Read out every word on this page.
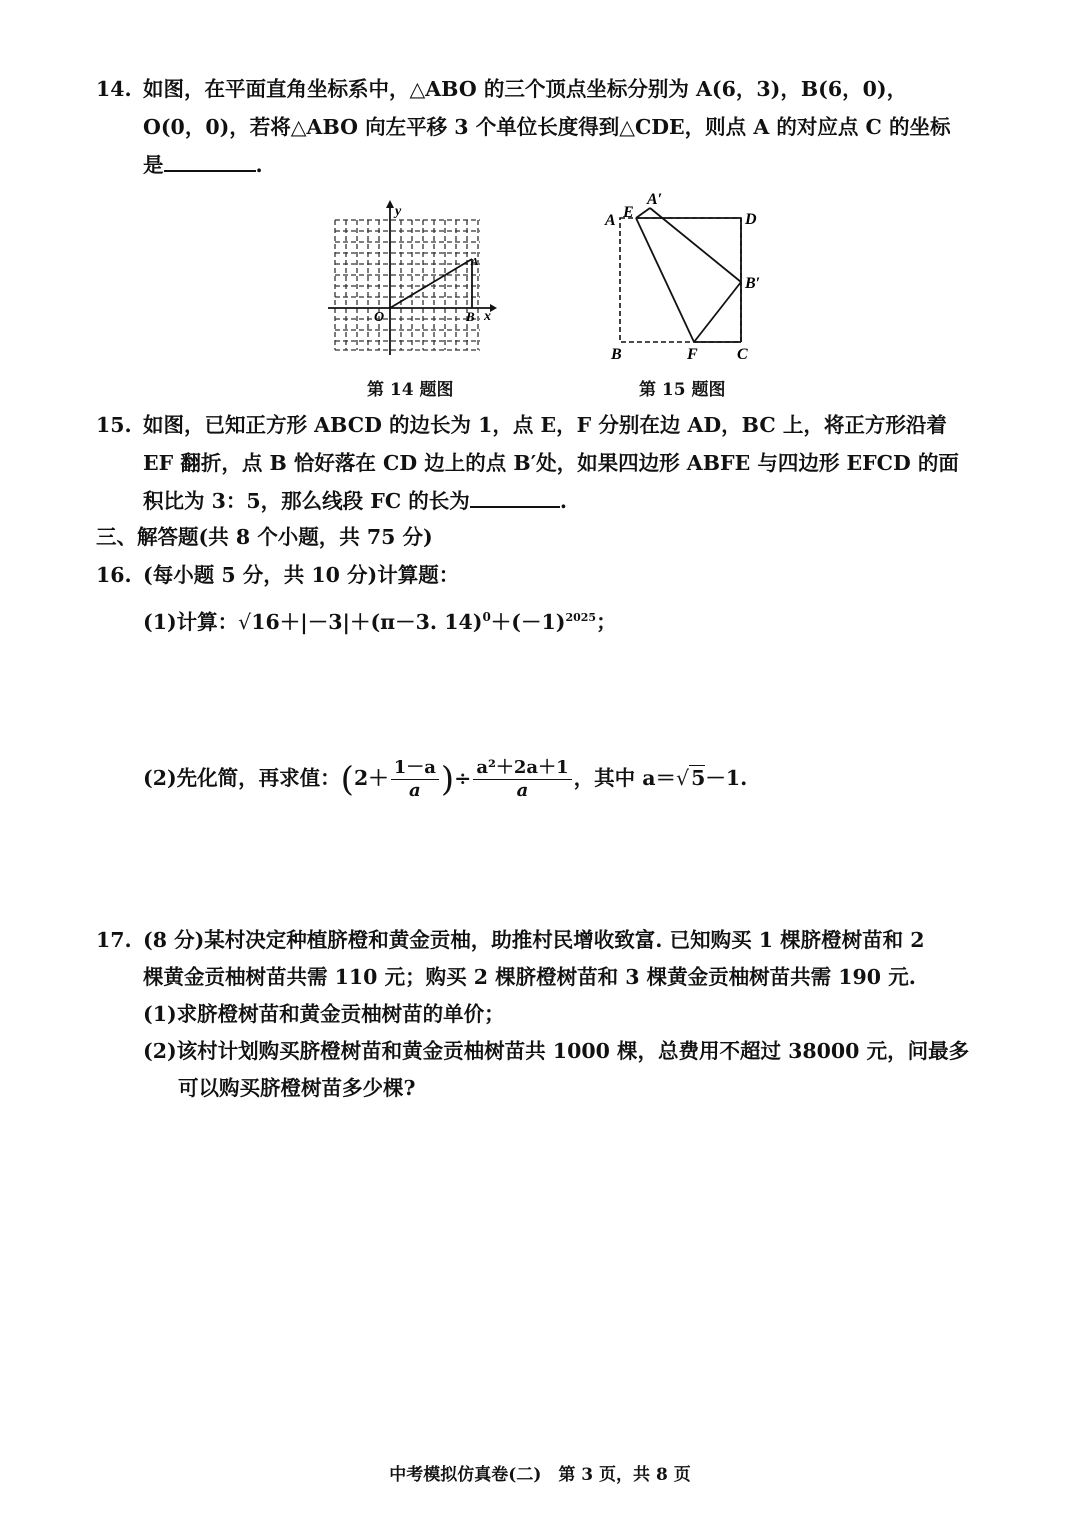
14. 如图，在平面直角坐标系中，△ABO 的三个顶点坐标分别为 A(6，3)，B(6，0)，
O(0，0)，若将△ABO 向左平移 3 个单位长度得到△CDE，则点 A 的对应点 C 的坐标
是	.
y
x
O
A
B
A E
A′
D
B′
B	F C
第 14 题图	第 15 题图
15. 如图，已知正方形 ABCD 的边长为 1，点 E，F 分别在边 AD，BC 上，将正方形沿着
EF 翻折，点 B 恰好落在 CD 边上的点 B′处，如果四边形 ABFE 与四边形 EFCD 的面
积比为 3：5，那么线段 FC 的长为	.
三、解答题(共 8 个小题，共 75 分)
16. (每小题 5 分，共 10 分)计算题：
(1)计算：√16＋|－3|＋(π－3. $14)^0+(-1)^{2025}$；
(2)先化简，再求值：($2+ \frac{1-a}{a}$ )÷ $\frac{\text{a²＋2a＋1}}{a}$ ，其中 a＝√5－1.
17. (8 分)某村决定种植脐橙和黄金贡柚，助推村民增收致富. 已知购买 1 棵脐橙树苗和 2
棵黄金贡柚树苗共需 110 元；购买 2 棵脐橙树苗和 3 棵黄金贡柚树苗共需 190 元.
(1)求脐橙树苗和黄金贡柚树苗的单价；
(2)该村计划购买脐橙树苗和黄金贡柚树苗共 1000 棵，总费用不超过 38000 元，问最多
可以购买脐橙树苗多少棵?
中考模拟仿真卷(二)　第 3 页，共 8 页
